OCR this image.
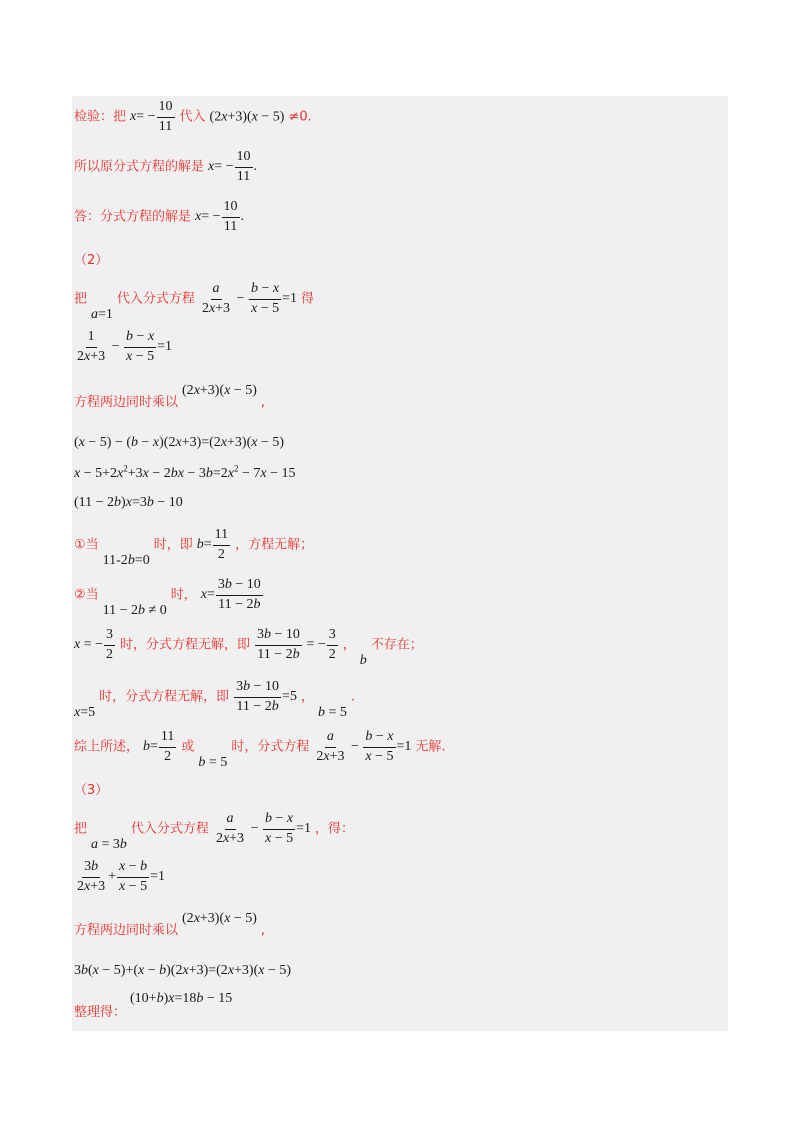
检验：把 $x= - \frac{10}{11}$ 代入 (2x+3)(x − 5) ≠0.
所以原分式方程的解是 $x= - \frac{10}{11}$ .
答：分式方程的解是 $x= - \frac{10}{11}$ .
（2）
把 a=1 代入分式方程 $\frac{a}{2x+3} - \frac{b - x}{x - 5} =1$ 得
$\frac{1}{2x+3} - \frac{b - x}{x - 5} =1$
$_{方程两边同时乘以}$ (2x+3)(x − 5) $_,$
(x − 5) − (b − x)(2x+3)=(2x+3)(x − 5)
$x - 5+2x^2+3x - 2bx - 3b=2x^2 - 7x - 15$
(11 − 2b)x=3b − 10
①当 11-2b=0 时，即 $b= \frac{11}{2}$ ，方程无解；
②当 11 − 2b ≠ 0 时， $x= \frac{3b - 10}{11 - 2b}$
x = − $\frac{3}{2}$ 时，分式方程无解，即 $\frac{3b - 10}{11 - 2b}$ = − $\frac{3}{2}$ ， b 不存在；
x=5 时，分式方程无解，即 $\frac{3b - 10}{11 - 2b} =5$ ， b = 5 .
综上所述， $b= \frac{11}{2}$ 或 b = 5 时，分式方程 $\frac{a}{2x+3} - \frac{b - x}{x - 5} =1$ 无解.
（3）
把 a = 3b 代入分式方程 $\frac{a}{2x+3} - \frac{b - x}{x - 5} =1$ ，得：
$\frac{3b}{2x+3} + \frac{x - b}{x - 5} =1$
$_{方程两边同时乘以}$ (2x+3)(x − 5) $_,$
3b(x − 5)+(x − b)(2x+3)=(2x+3)(x − 5)
$_{整理得:}$ (10+b)x=18b − 15
